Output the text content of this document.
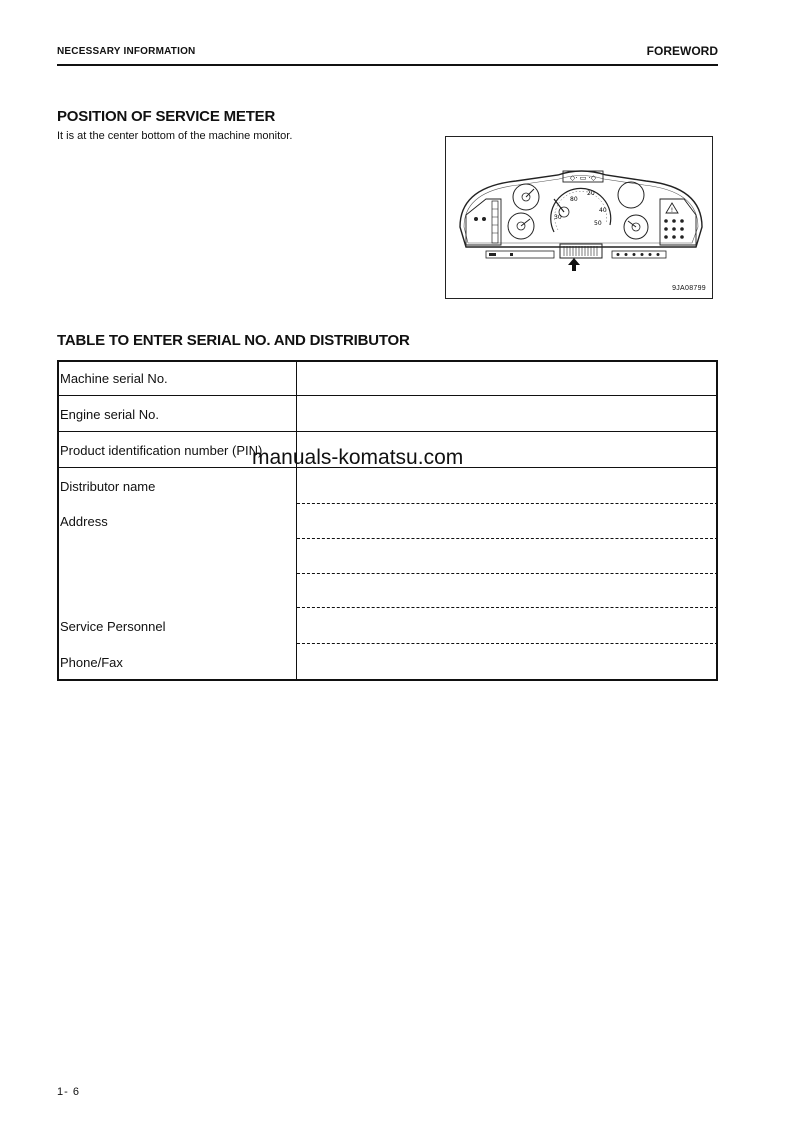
NECESSARY INFORMATION	FOREWORD
POSITION OF SERVICE METER
It is at the center bottom of the machine monitor.
◇· ▭ ·◇
80
20
40
50
30
!
9JA08799
TABLE TO ENTER SERIAL NO. AND DISTRIBUTOR
Machine serial No.
Engine serial No.
Product identification number (PIN)
Distributor name
Address
Service Personnel
Phone/Fax
manuals-komatsu.com
1- 6
